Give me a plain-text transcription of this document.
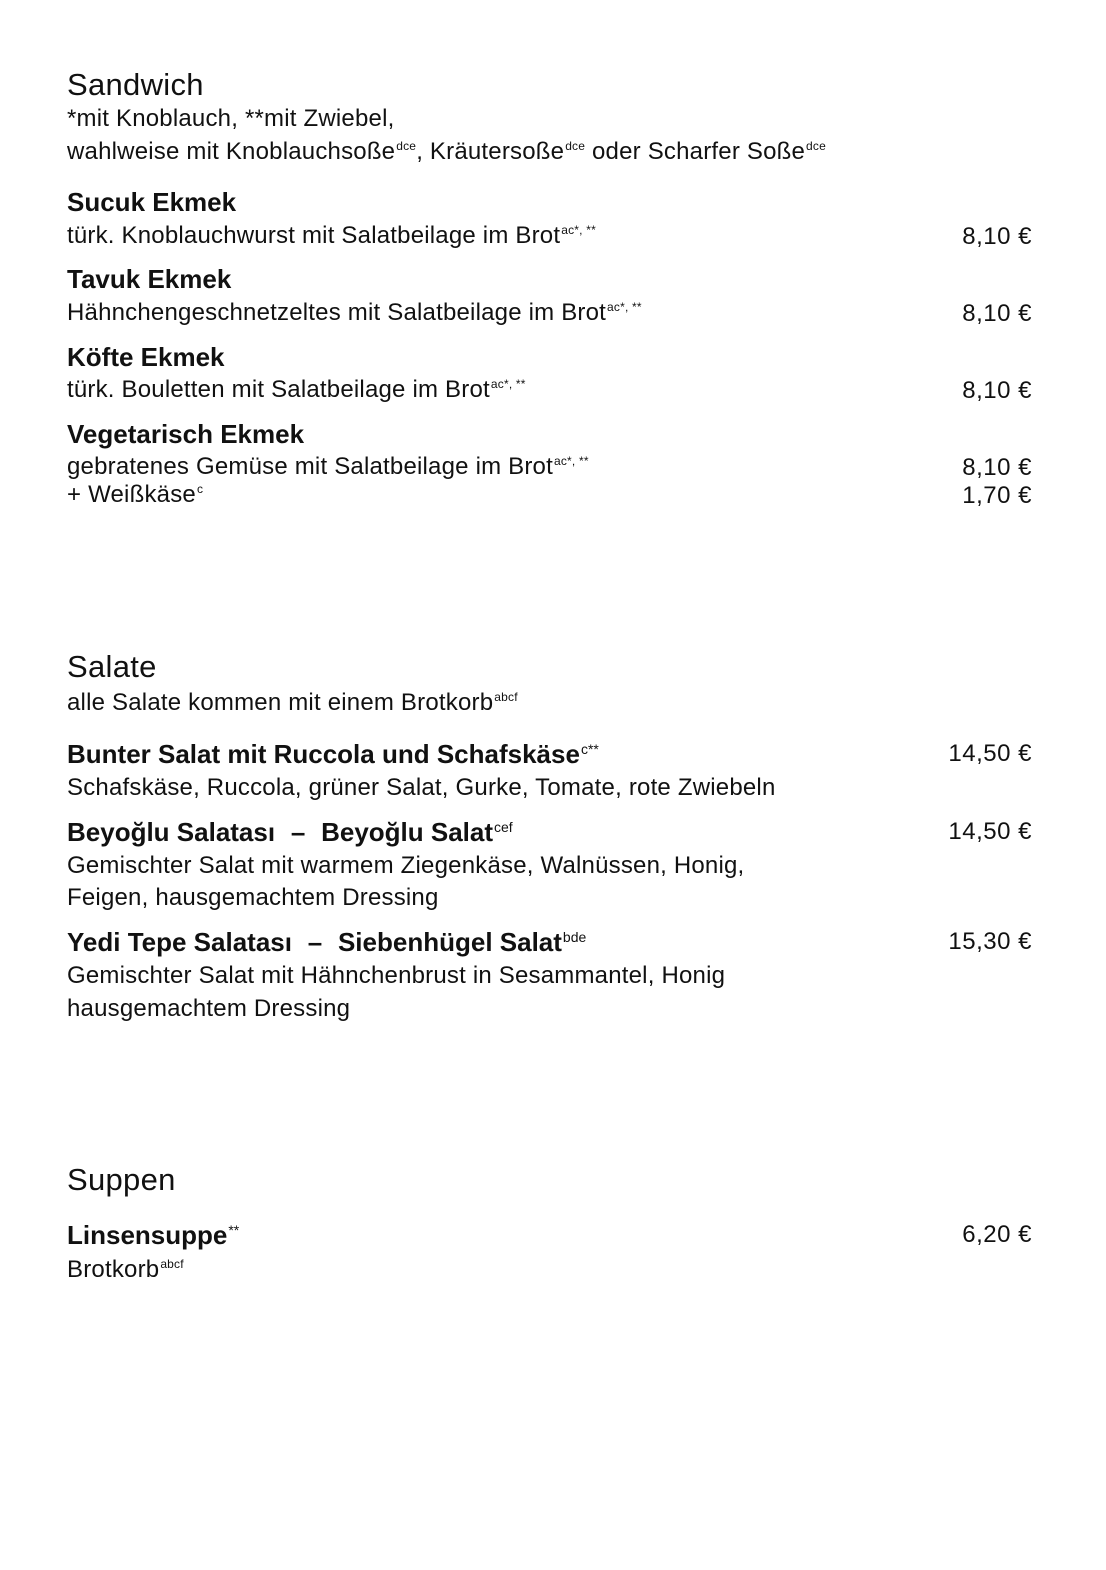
Sandwich
*mit Knoblauch, **mit Zwiebel,
wahlweise mit Knoblauchsoße$^{dce}$, Kräutersoße$^{dce}$ oder Scharfer Soße$^{dce}$
Sucuk Ekmek
türk. Knoblauchwurst mit Salatbeilage im Brot$^{ac*, **}$	8,10 €
Tavuk Ekmek
Hähnchengeschnetzeltes mit Salatbeilage im Brot$^{ac*, **}$	8,10 €
Köfte Ekmek
türk. Bouletten mit Salatbeilage im Brot$^{ac*, **}$	8,10 €
Vegetarisch Ekmek
gebratenes Gemüse mit Salatbeilage im Brot$^{ac*, **}$	8,10 €
+ Weißkäse$^c$	1,70 €
Salate
alle Salate kommen mit einem Brotkorb$^{abcf}$
Bunter Salat mit Ruccola und Schafskäse$^{c**}$	14,50 €
Schafskäse, Ruccola, grüner Salat, Gurke, Tomate, rote Zwiebeln
Beyoğlu Salatası – Beyoğlu Salat$^{cef}$	14,50 €
Gemischter Salat mit warmem Ziegenkäse, Walnüssen, Honig,
Feigen, hausgemachtem Dressing
Yedi Tepe Salatası – Siebenhügel Salat$^{bde}$	15,30 €
Gemischter Salat mit Hähnchenbrust in Sesammantel, Honig
hausgemachtem Dressing
Suppen
Linsensuppe**	6,20 €
Brotkorb$^{abcf}$
